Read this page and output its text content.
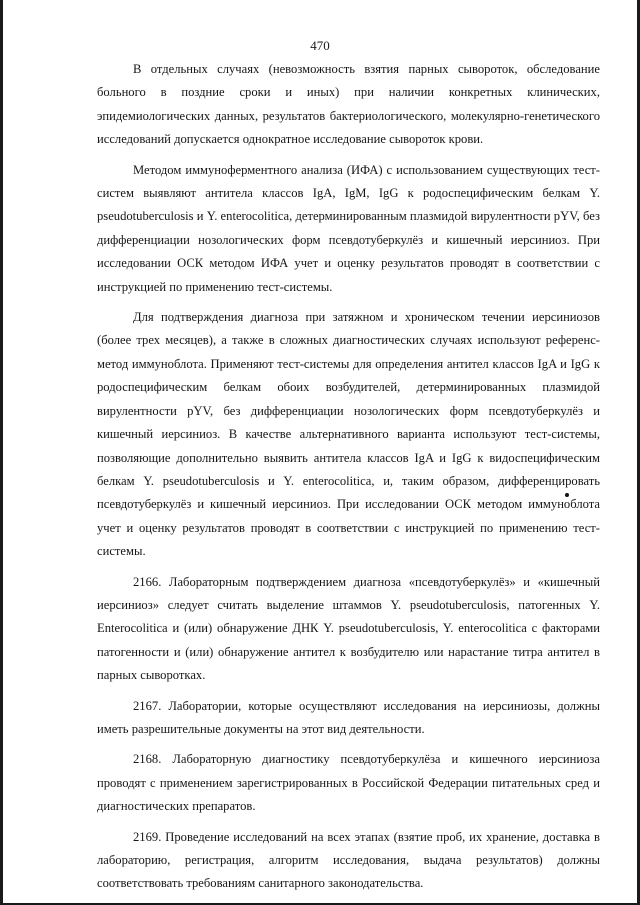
470

В отдельных случаях (невозможность взятия парных сывороток, обследование больного в поздние сроки и иных) при наличии конкретных клинических, эпидемиологических данных, результатов бактериологического, молекулярно-генетического исследований допускается однократное исследование сывороток крови.

Методом иммуноферментного анализа (ИФА) с использованием существующих тест-систем выявляют антитела классов IgA, IgM, IgG к родоспецифическим белкам Y. pseudotuberculosis и Y. enterocolitica, детерминированным плазмидой вирулентности pYV, без дифференциации нозологических форм псевдотуберкулёз и кишечный иерсиниоз. При исследовании ОСК методом ИФА учет и оценку результатов проводят в соответствии с инструкцией по применению тест-системы.

Для подтверждения диагноза при затяжном и хроническом течении иерсиниозов (более трех месяцев), а также в сложных диагностических случаях используют референс-метод иммуноблота. Применяют тест-системы для определения антител классов IgA и IgG к родоспецифическим белкам обоих возбудителей, детерминированных плазмидой вирулентности pYV, без дифференциации нозологических форм псевдотуберкулёз и кишечный иерсиниоз. В качестве альтернативного варианта используют тест-системы, позволяющие дополнительно выявить антитела классов IgA и IgG к видоспецифическим белкам Y. pseudotuberculosis и Y. enterocolitica, и, таким образом, дифференцировать псевдотуберкулёз и кишечный иерсиниоз. При исследовании ОСК методом иммуноблота учет и оценку результатов проводят в соответствии с инструкцией по применению тест-системы.

2166. Лабораторным подтверждением диагноза «псевдотуберкулёз» и «кишечный иерсиниоз» следует считать выделение штаммов Y. pseudotuberculosis, патогенных Y. Enterocolitica и (или) обнаружение ДНК Y. pseudotuberculosis, Y. enterocolitica с факторами патогенности и (или) обнаружение антител к возбудителю или нарастание титра антител в парных сыворотках.

2167. Лаборатории, которые осуществляют исследования на иерсиниозы, должны иметь разрешительные документы на этот вид деятельности.

2168. Лабораторную диагностику псевдотуберкулёза и кишечного иерсиниоза проводят с применением зарегистрированных в Российской Федерации питательных сред и диагностических препаратов.

2169. Проведение исследований на всех этапах (взятие проб, их хранение, доставка в лабораторию, регистрация, алгоритм исследования, выдача результатов) должны соответствовать требованиям санитарного законодательства.
